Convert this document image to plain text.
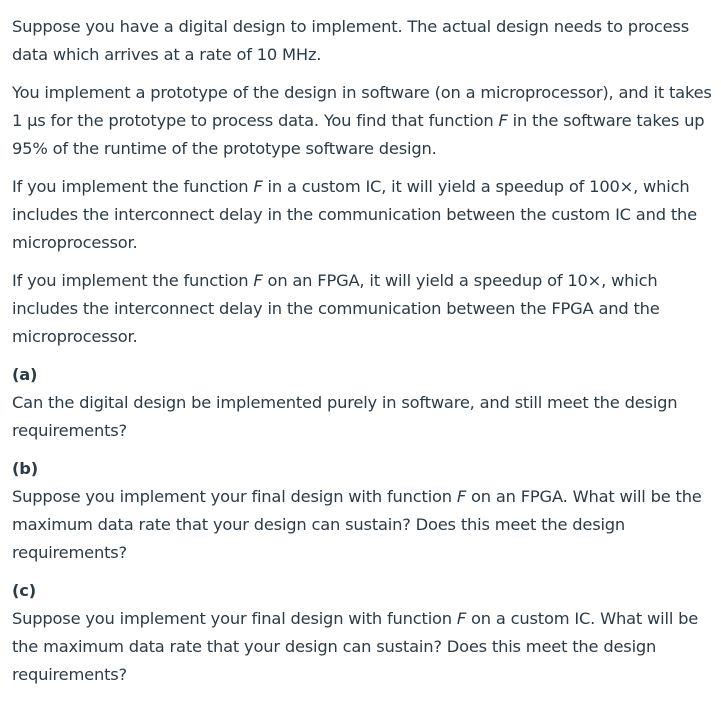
Suppose you have a digital design to implement. The actual design needs to process data which arrives at a rate of 10 MHz.

You implement a prototype of the design in software (on a microprocessor), and it takes 1 µs for the prototype to process data. You find that function F in the software takes up 95% of the runtime of the prototype software design.

If you implement the function F in a custom IC, it will yield a speedup of 100×, which includes the interconnect delay in the communication between the custom IC and the microprocessor.

If you implement the function F on an FPGA, it will yield a speedup of 10×, which includes the interconnect delay in the communication between the FPGA and the microprocessor.

(a)

Can the digital design be implemented purely in software, and still meet the design requirements?

(b)

Suppose you implement your final design with function F on an FPGA. What will be the maximum data rate that your design can sustain? Does this meet the design requirements?

(c)

Suppose you implement your final design with function F on a custom IC. What will be the maximum data rate that your design can sustain? Does this meet the design requirements?
